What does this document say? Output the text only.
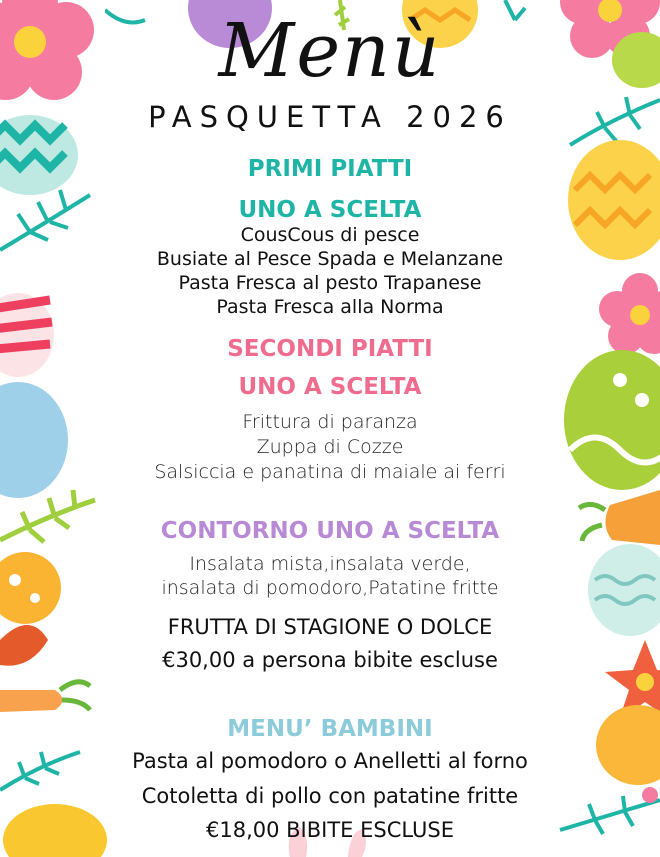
Menù
PASQUETTA 2026
PRIMI PIATTI
UNO A SCELTA
CousCous di pesce
Busiate al Pesce Spada e Melanzane
Pasta Fresca al pesto Trapanese
Pasta Fresca alla Norma
SECONDI PIATTI
UNO A SCELTA
Frittura di paranza
Zuppa di Cozze
Salsiccia e panatina di maiale ai ferri
CONTORNO UNO A SCELTA
Insalata mista,insalata verde,
insalata di pomodoro,Patatine fritte
FRUTTA DI STAGIONE O DOLCE
€30,00 a persona bibite escluse
MENU’ BAMBINI
Pasta al pomodoro o Anelletti al forno
Cotoletta di pollo con patatine fritte
€18,00 BIBITE ESCLUSE
